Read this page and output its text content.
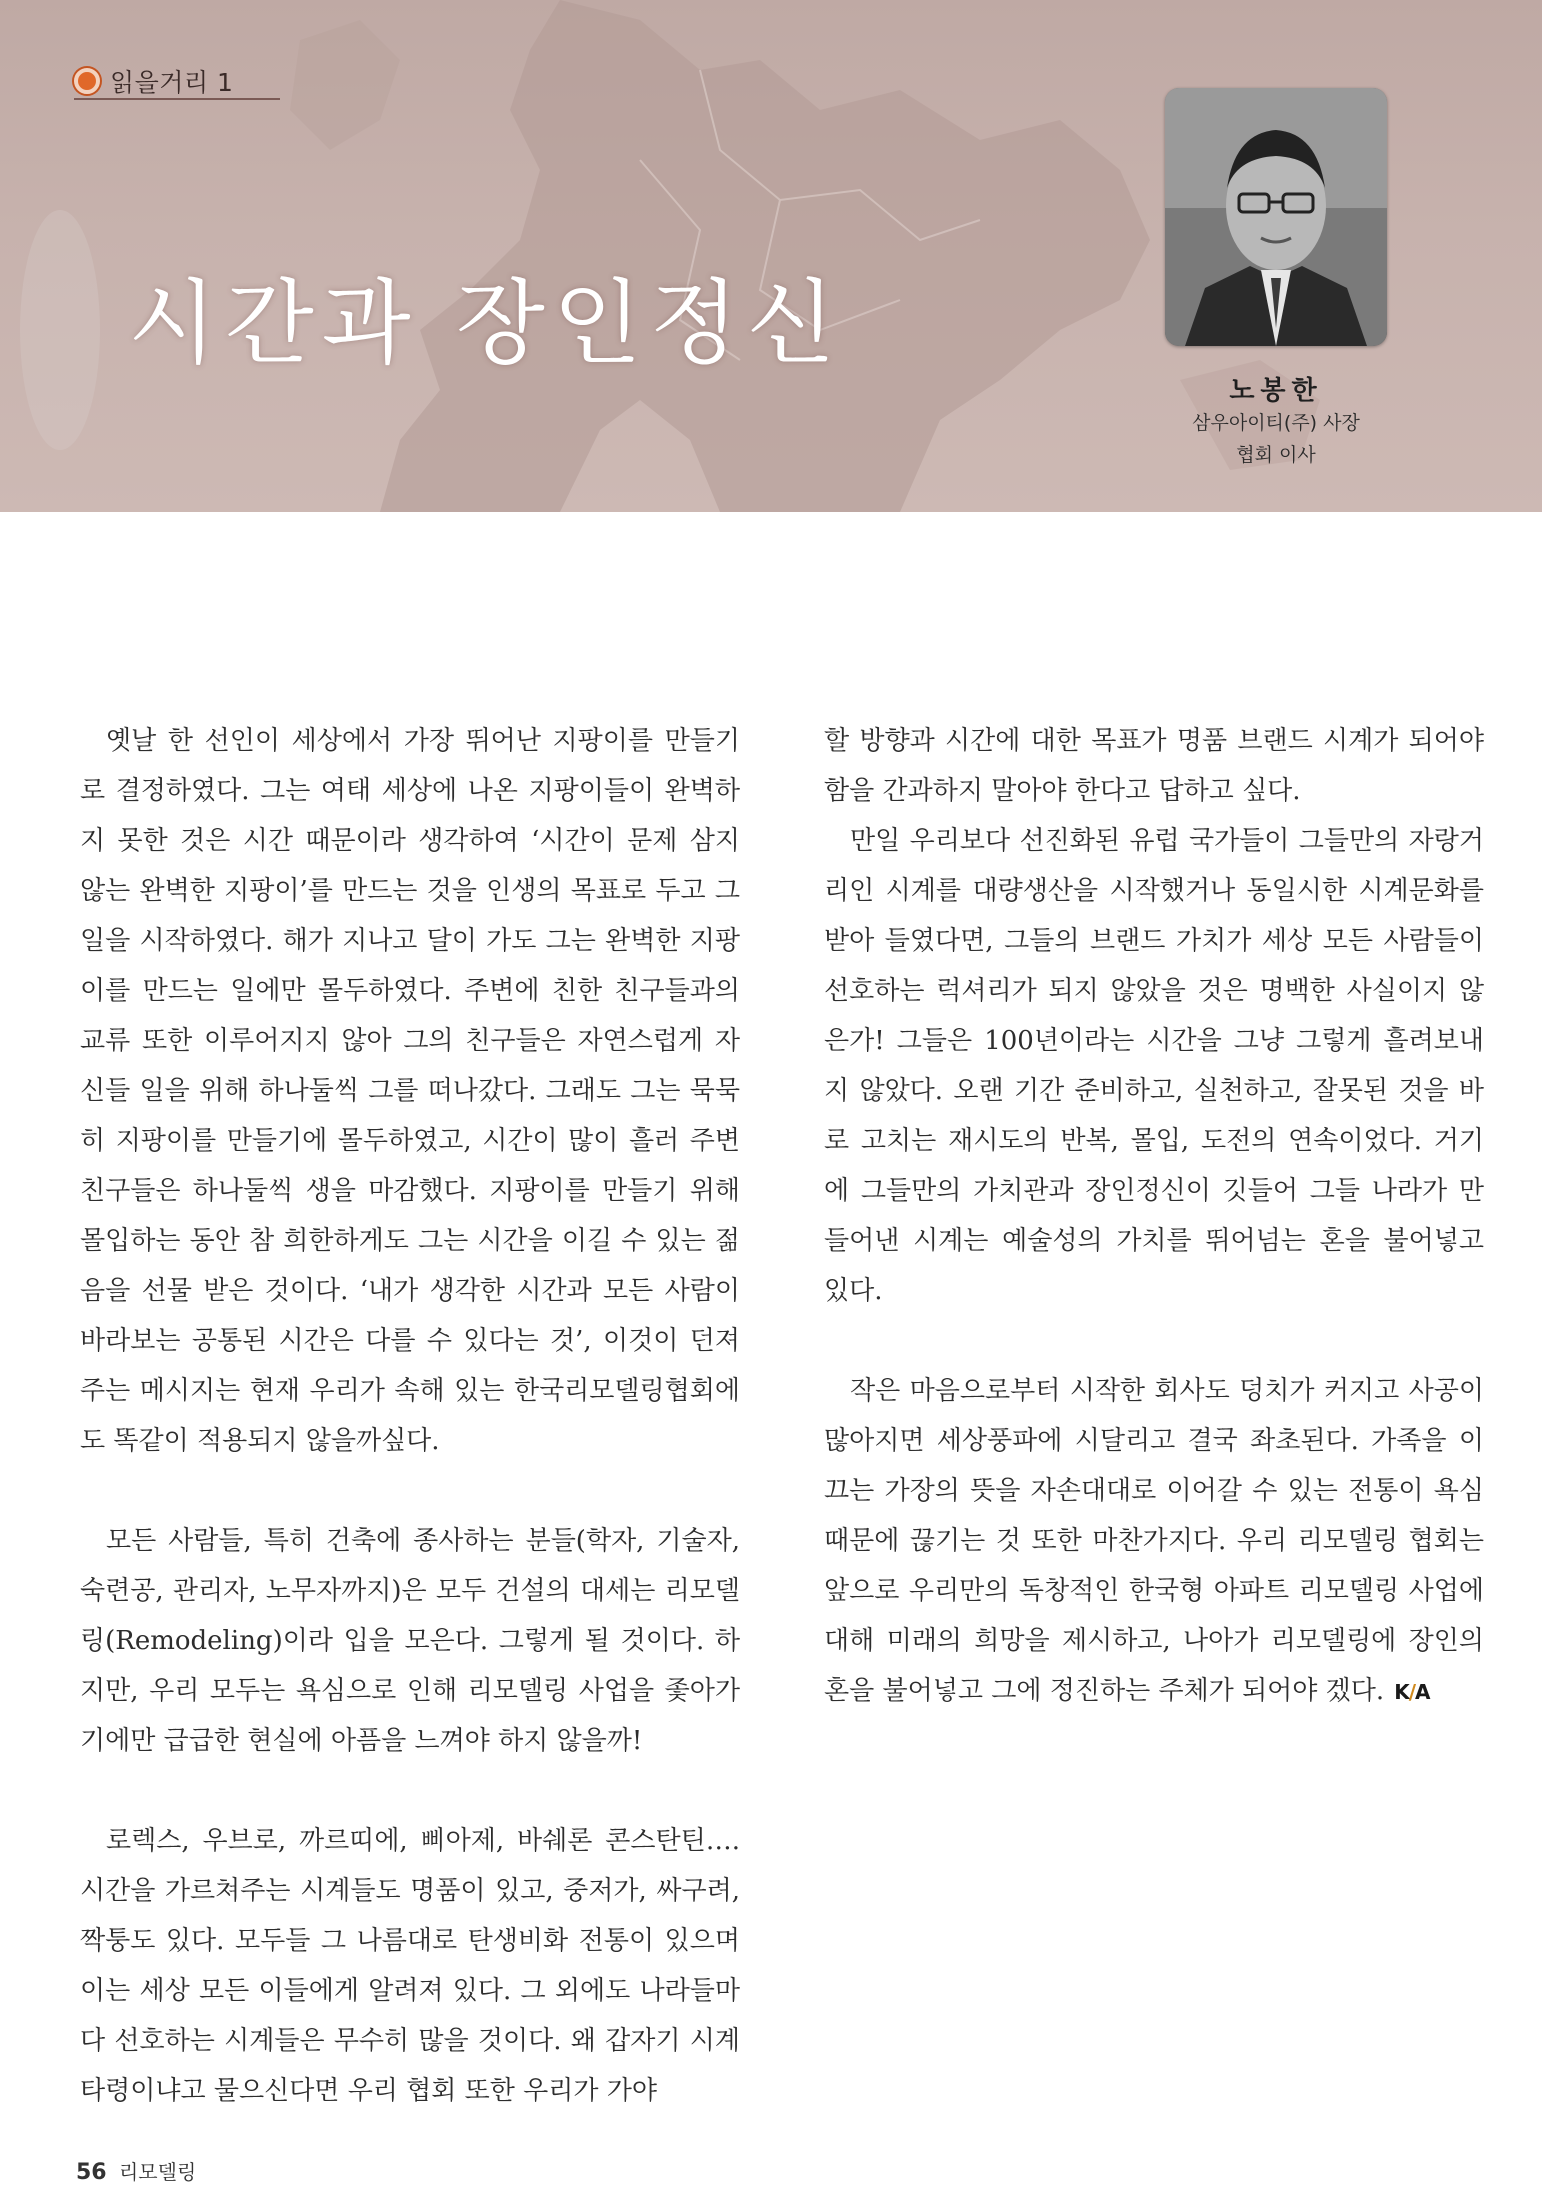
읽을거리 1
시간과 장인정신
노봉한
삼우아이티(주) 사장
협회 이사

옛날 한 선인이 세상에서 가장 뛰어난 지팡이를 만들기로 결정하였다. 그는 여태 세상에 나온 지팡이들이 완벽하지 못한 것은 시간 때문이라 생각하여 ‘시간이 문제 삼지 않는 완벽한 지팡이’를 만드는 것을 인생의 목표로 두고 그 일을 시작하였다. 해가 지나고 달이 가도 그는 완벽한 지팡이를 만드는 일에만 몰두하였다. 주변에 친한 친구들과의 교류 또한 이루어지지 않아 그의 친구들은 자연스럽게 자신들 일을 위해 하나둘씩 그를 떠나갔다. 그래도 그는 묵묵히 지팡이를 만들기에 몰두하였고, 시간이 많이 흘러 주변 친구들은 하나둘씩 생을 마감했다. 지팡이를 만들기 위해 몰입하는 동안 참 희한하게도 그는 시간을 이길 수 있는 젊음을 선물 받은 것이다. ‘내가 생각한 시간과 모든 사람이 바라보는 공통된 시간은 다를 수 있다는 것’, 이것이 던져주는 메시지는 현재 우리가 속해 있는 한국리모델링협회에도 똑같이 적용되지 않을까싶다.

모든 사람들, 특히 건축에 종사하는 분들(학자, 기술자, 숙련공, 관리자, 노무자까지)은 모두 건설의 대세는 리모델링(Remodeling)이라 입을 모은다. 그렇게 될 것이다. 하지만, 우리 모두는 욕심으로 인해 리모델링 사업을 좇아가기에만 급급한 현실에 아픔을 느껴야 하지 않을까!

로렉스, 우브로, 까르띠에, 삐아제, 바쉐론 콘스탄틴…. 시간을 가르쳐주는 시계들도 명품이 있고, 중저가, 싸구려, 짝퉁도 있다. 모두들 그 나름대로 탄생비화 전통이 있으며 이는 세상 모든 이들에게 알려져 있다. 그 외에도 나라들마다 선호하는 시계들은 무수히 많을 것이다. 왜 갑자기 시계 타령이냐고 물으신다면 우리 협회 또한 우리가 가야

할 방향과 시간에 대한 목표가 명품 브랜드 시계가 되어야 함을 간과하지 말아야 한다고 답하고 싶다.

만일 우리보다 선진화된 유럽 국가들이 그들만의 자랑거리인 시계를 대량생산을 시작했거나 동일시한 시계문화를 받아 들였다면, 그들의 브랜드 가치가 세상 모든 사람들이 선호하는 럭셔리가 되지 않았을 것은 명백한 사실이지 않은가! 그들은 100년이라는 시간을 그냥 그렇게 흘려보내지 않았다. 오랜 기간 준비하고, 실천하고, 잘못된 것을 바로 고치는 재시도의 반복, 몰입, 도전의 연속이었다. 거기에 그들만의 가치관과 장인정신이 깃들어 그들 나라가 만들어낸 시계는 예술성의 가치를 뛰어넘는 혼을 불어넣고 있다.

작은 마음으로부터 시작한 회사도 덩치가 커지고 사공이 많아지면 세상풍파에 시달리고 결국 좌초된다. 가족을 이끄는 가장의 뜻을 자손대대로 이어갈 수 있는 전통이 욕심 때문에 끊기는 것 또한 마찬가지다. 우리 리모델링 협회는 앞으로 우리만의 독창적인 한국형 아파트 리모델링 사업에 대해 미래의 희망을 제시하고, 나아가 리모델링에 장인의 혼을 불어넣고 그에 정진하는 주체가 되어야 겠다. K/A

56 리모델링
